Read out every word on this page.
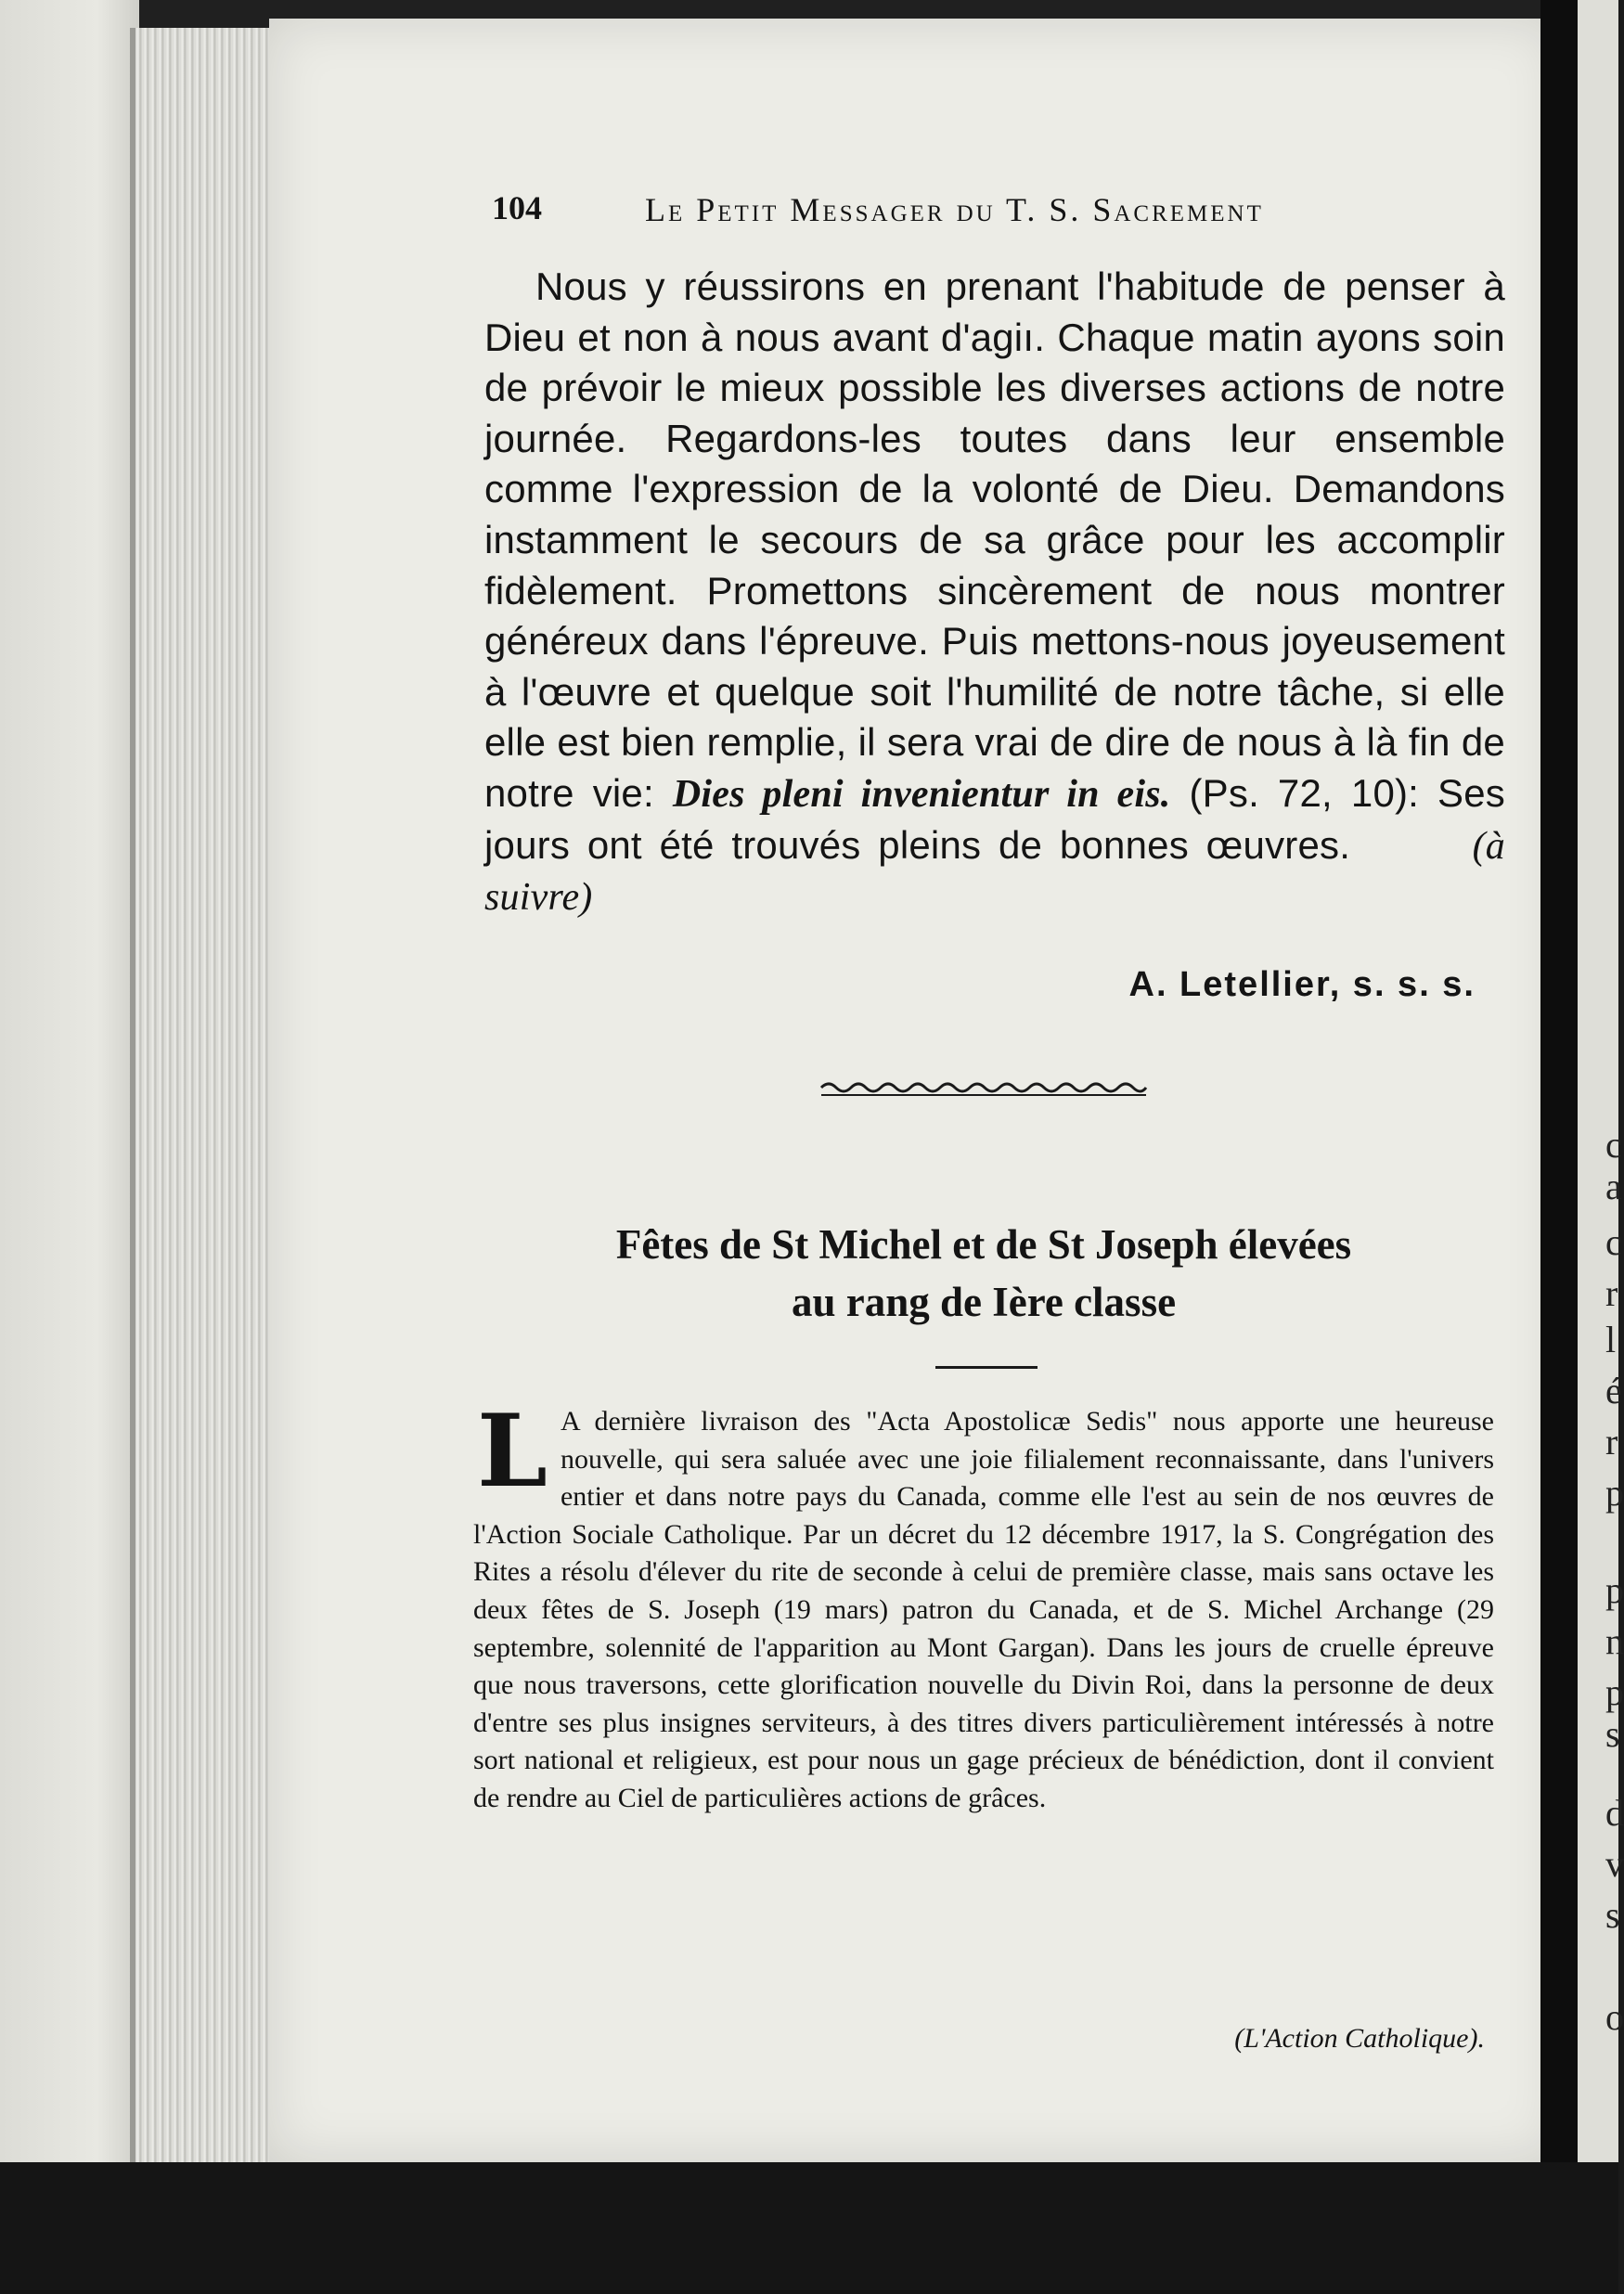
104	Le Petit Messager du T. S. Sacrement

Nous y réussirons en prenant l'habitude de penser à Dieu et non à nous avant d'agiı. Chaque matin ayons soin de prévoir le mieux possible les diverses actions de notre journée. Regardons-les toutes dans leur ensemble comme l'expression de la volonté de Dieu. Demandons instamment le secours de sa grâce pour les accomplir fidèlement. Promettons sincèrement de nous montrer généreux dans l'épreuve. Puis mettons-nous joyeusement à l'œuvre et quelque soit l'humilité de notre tâche, si elle elle est bien remplie, il sera vrai de dire de nous à là fin de notre vie: Dies pleni invenientur in eis. (Ps. 72, 10): Ses jours ont été trouvés pleins de bonnes œuvres.	(à suivre)

A. Letellier, s. s. s.
Fêtes de St Michel et de St Joseph élevées
au rang de Ière classe

L A dernière livraison des "Acta Apostolicæ Sedis" nous apporte une heureuse nouvelle, qui sera saluée avec une joie filialement reconnaissante, dans l'univers entier et dans notre pays du Canada, comme elle l'est au sein de nos œuvres de l'Action Sociale Catholique. Par un décret du 12 décembre 1917, la S. Congrégation des Rites a résolu d'élever du rite de seconde à celui de première classe, mais sans octave les deux fêtes de S. Joseph (19 mars) patron du Canada, et de S. Michel Archange (29 septembre, solennité de l'apparition au Mont Gargan). Dans les jours de cruelle épreuve que nous traversons, cette glorification nouvelle du Divin Roi, dans la personne de deux d'entre ses plus insignes serviteurs, à des titres divers particulièrement intéressés à notre sort national et religieux, est pour nous un gage précieux de bénédiction, dont il convient de rendre au Ciel de particulières actions de grâces.

(L'Action Catholique).
c
a
c
r
l
é
r
p
p
n
p
s
d
v
s
o
